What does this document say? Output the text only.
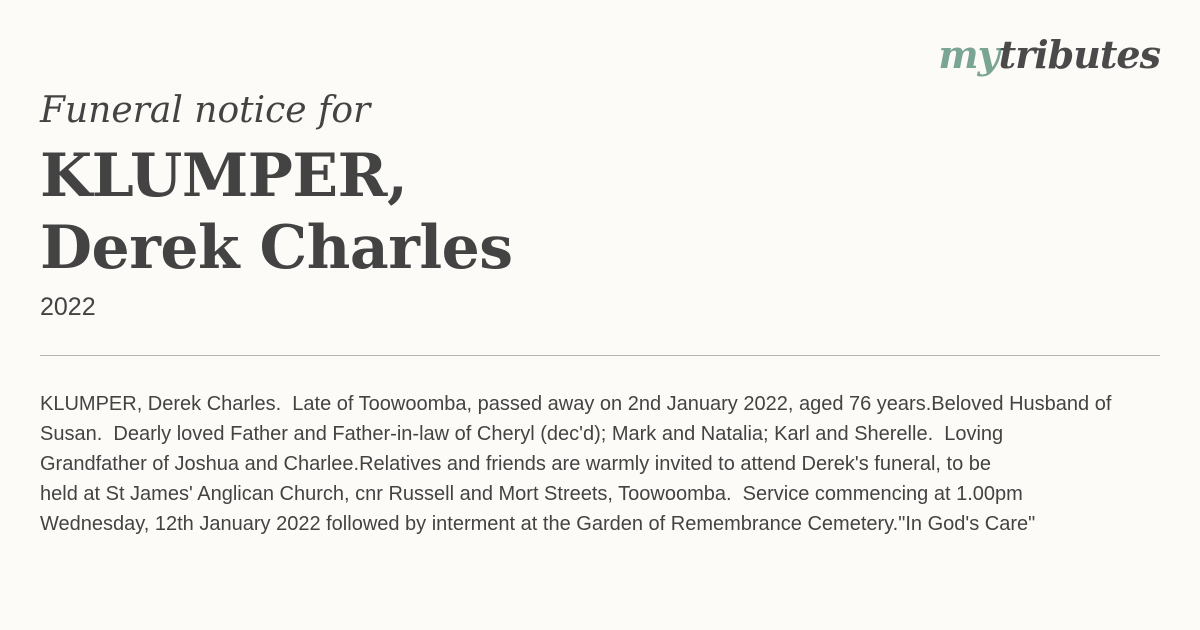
mytributes
Funeral notice for
KLUMPER,
Derek Charles
2022
KLUMPER, Derek Charles.  Late of Toowoomba, passed away on 2nd January 2022, aged 76 years.Beloved Husband of
Susan.  Dearly loved Father and Father-in-law of Cheryl (dec'd); Mark and Natalia; Karl and Sherelle.  Loving
Grandfather of Joshua and Charlee.Relatives and friends are warmly invited to attend Derek's funeral, to be
held at St James' Anglican Church, cnr Russell and Mort Streets, Toowoomba.  Service commencing at 1.00pm
Wednesday, 12th January 2022 followed by interment at the Garden of Remembrance Cemetery."In God's Care"
